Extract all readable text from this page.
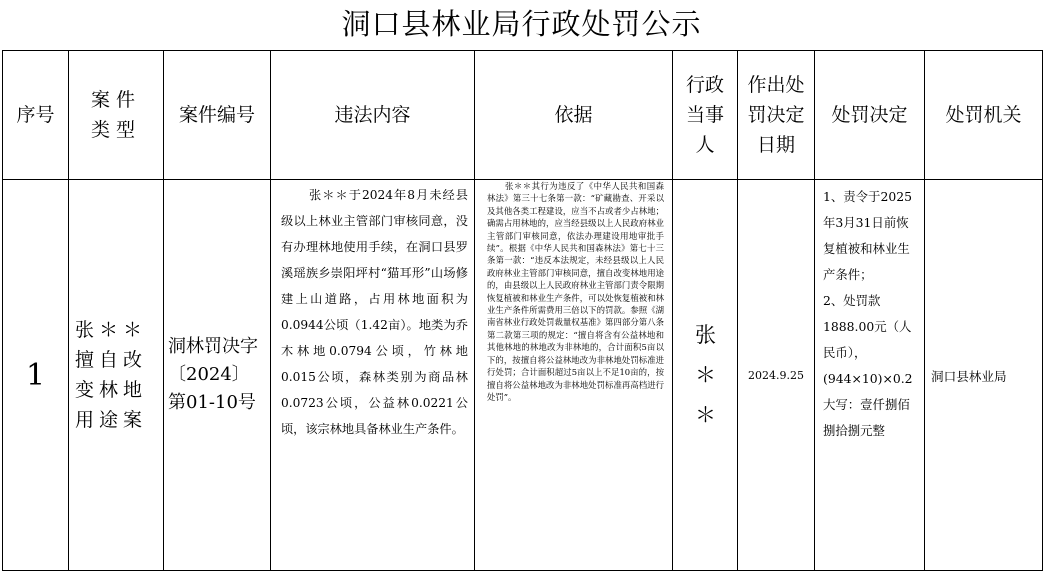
洞口县林业局行政处罚公示
序号	案件类型	案件编号	违法内容	依据	行政当事人	作出处罚决定日期	处罚决定	处罚机关
1	张＊＊擅自改变林地用途案	洞林罚决字〔2024〕第01-10号	张＊＊于2024年8月未经县级以上林业主管部门审核同意，没有办理林地使用手续，在洞口县罗溪瑶族乡崇阳坪村“猫耳形”山场修建上山道路，占用林地面积为0.0944公顷（1.42亩）。地类为乔木林地0.0794公顷，竹林地0.015公顷，森林类别为商品林0.0723公顷，公益林0.0221公顷，该宗林地具备林业生产条件。	张＊＊其行为违反了《中华人民共和国森林法》第三十七条第一款：“矿藏勘查、开采以及其他各类工程建设，应当不占或者少占林地；确需占用林地的，应当经县级以上人民政府林业主管部门审核同意，依法办理建设用地审批手续”。根据《中华人民共和国森林法》第七十三条第一款：“违反本法规定，未经县级以上人民政府林业主管部门审核同意，擅自改变林地用途的，由县级以上人民政府林业主管部门责令限期恢复植被和林业生产条件，可以处恢复植被和林业生产条件所需费用三倍以下的罚款。参照《湖南省林业行政处罚裁量权基准》第四部分第八条第二款第三项的规定：“擅自将含有公益林地和其他林地的林地改为非林地的，合计面积5亩以下的，按擅自将公益林地改为非林地处罚标准进行处罚；合计面积超过5亩以上不足10亩的，按擅自将公益林地改为非林地处罚标准再高档进行处罚”。	张＊＊	2024.9.25	1、责令于2025年3月31日前恢复植被和林业生产条件；
2、处罚款1888.00元（人民币），(944×10)×0.2大写：壹仟捌佰捌拾捌元整	洞口县林业局
